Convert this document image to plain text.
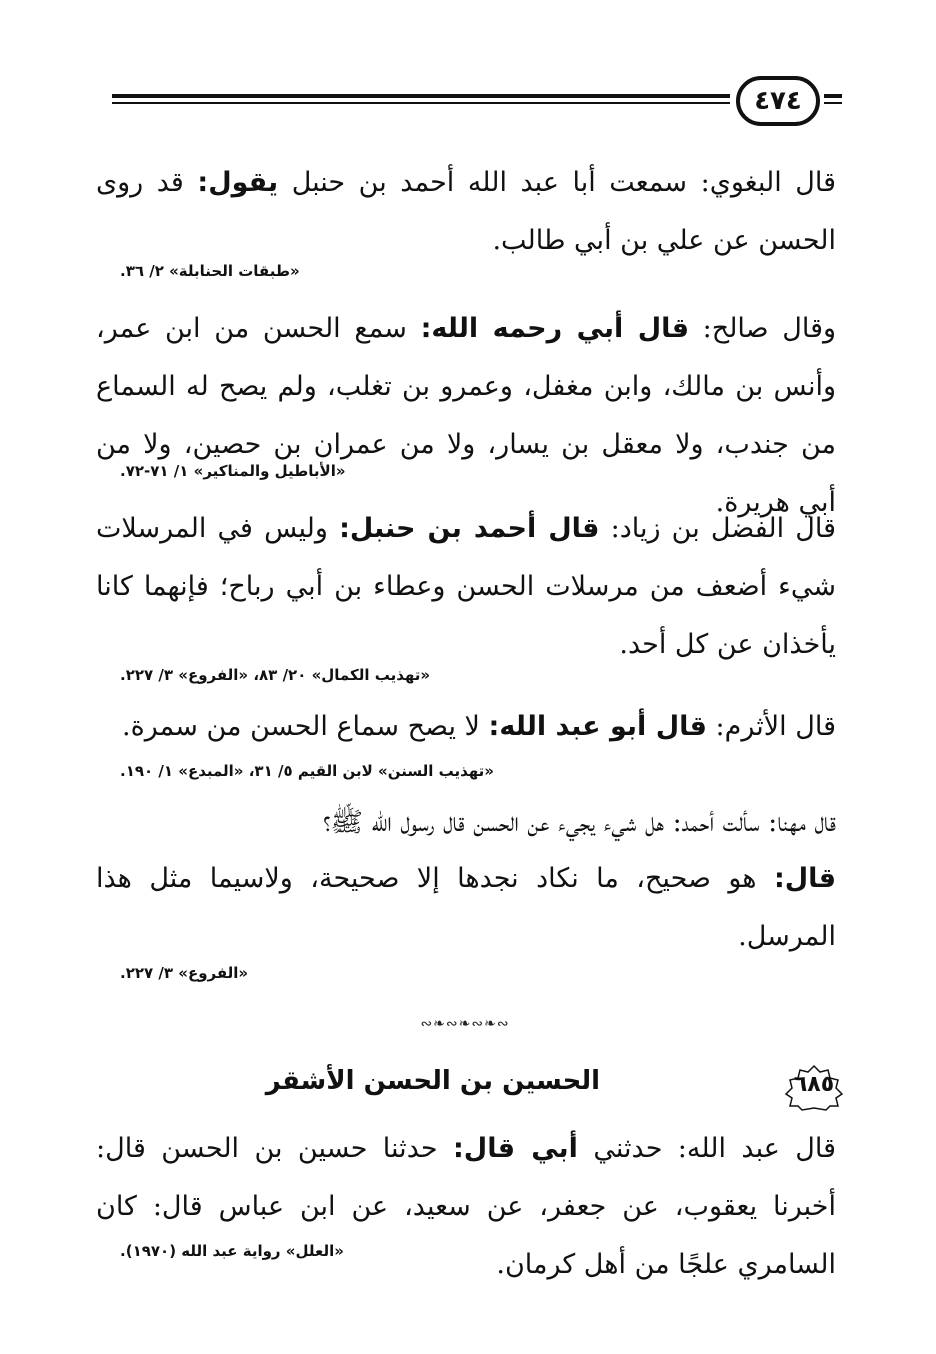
٤٧٤
قال البغوي: سمعت أبا عبد الله أحمد بن حنبل يقول: قد روى الحسن عن علي بن أبي طالب.
«طبقات الحنابلة» ٢/ ٣٦.
وقال صالح: قال أبي رحمه الله: سمع الحسن من ابن عمر، وأنس بن مالك، وابن مغفل، وعمرو بن تغلب، ولم يصح له السماع من جندب، ولا معقل بن يسار، ولا من عمران بن حصين، ولا من أبي هريرة.
«الأباطيل والمناكير» ١/ ٧١-٧٢.
قال الفضل بن زياد: قال أحمد بن حنبل: وليس في المرسلات شيء أضعف من مرسلات الحسن وعطاء بن أبي رباح؛ فإنهما كانا يأخذان عن كل أحد.
«تهذيب الكمال» ٢٠/ ٨٣، «الفروع» ٣/ ٢٢٧.
قال الأثرم: قال أبو عبد الله: لا يصح سماع الحسن من سمرة.
«تهذيب السنن» لابن القيم ٥/ ٣١، «المبدع» ١/ ١٩٠.
قال مهنا: سألت أحمد: هل شيء يجيء عن الحسن قال رسول الله ﷺ؟
قال: هو صحيح، ما نكاد نجدها إلا صحيحة، ولاسيما مثل هذا المرسل.
«الفروع» ٣/ ٢٢٧.
∾❧∾❧∾❧∾
٦٨٥
الحسين بن الحسن الأشقر
قال عبد الله: حدثني أبي قال: حدثنا حسين بن الحسن قال: أخبرنا يعقوب، عن جعفر، عن سعيد، عن ابن عباس قال: كان السامري علجًا من أهل كرمان.
«العلل» رواية عبد الله (١٩٧٠).
